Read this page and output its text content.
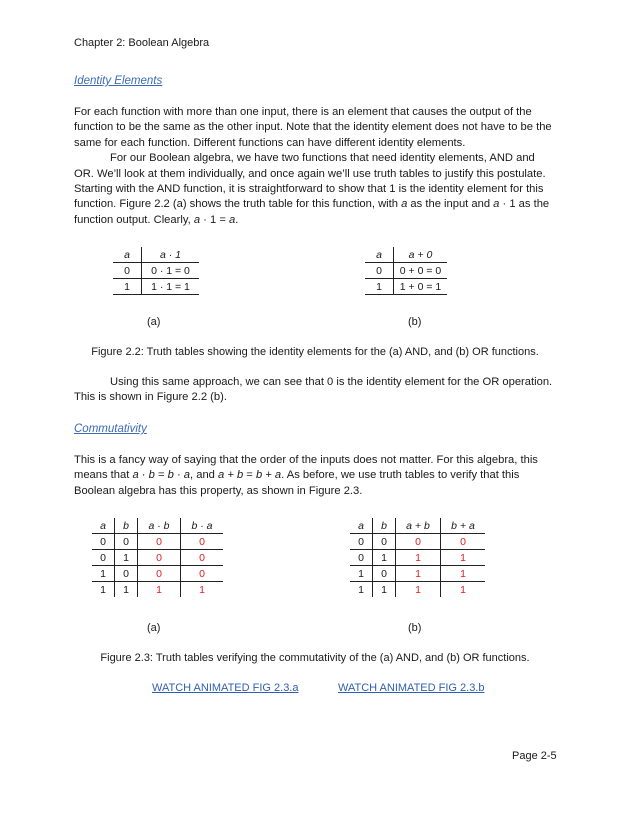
Chapter 2: Boolean Algebra
Identity Elements

For each function with more than one input, there is an element that causes the output of the function to be the same as the other input. Note that the identity element does not have to be the same for each function. Different functions can have different identity elements.

For our Boolean algebra, we have two functions that need identity elements, AND and OR. We’ll look at them individually, and once again we’ll use truth tables to justify this postulate. Starting with the AND function, it is straightforward to show that 1 is the identity element for this function. Figure 2.2 (a) shows the truth table for this function, with a as the input and a · 1 as the function output. Clearly, a · 1 = a.

a	a · 1
0	0 · 1 = 0
1	1 · 1 = 1
a	a + 0
0	0 + 0 = 0
1	1 + 0 = 1
(a)	(b)
Figure 2.2: Truth tables showing the identity elements for the (a) AND, and (b) OR functions.
Using this same approach, we can see that 0 is the identity element for the OR operation. This is shown in Figure 2.2 (b).
Commutativity
This is a fancy way of saying that the order of the inputs does not matter. For this algebra, this means that a · b = b · a, and a + b = b + a. As before, we use truth tables to verify that this Boolean algebra has this property, as shown in Figure 2.3.
a	b	a · b	b · a
0	0	0	0
0	1	0	0
1	0	0	0
1	1	1	1
a	b	a + b	b + a
0	0	0	0
0	1	1	1
1	0	1	1
1	1	1	1
(a)	(b)
Figure 2.3: Truth tables verifying the commutativity of the (a) AND, and (b) OR functions.
WATCH ANIMATED FIG 2.3.a	WATCH ANIMATED FIG 2.3.b
Page 2-5
